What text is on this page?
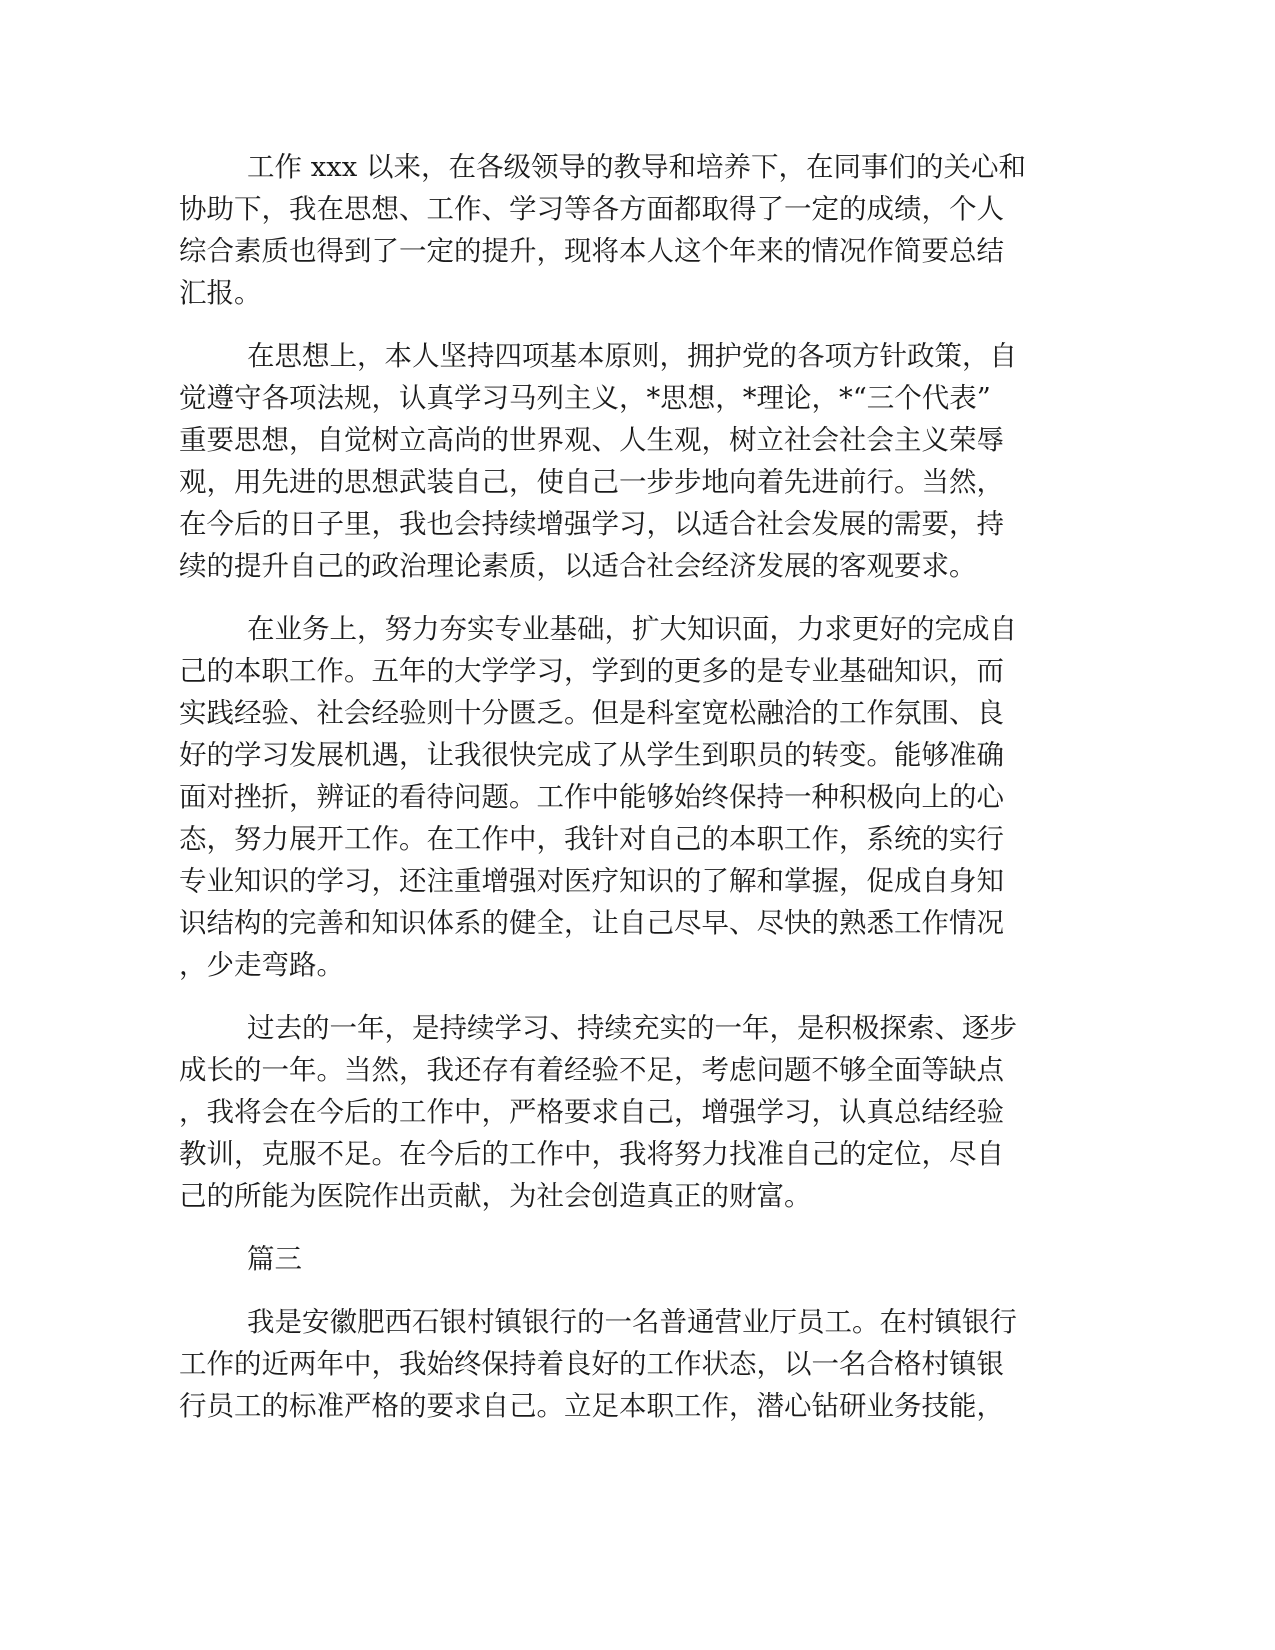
工作 xxx 以来，在各级领导的教导和培养下，在同事们的关心和
协助下，我在思想、工作、学习等各方面都取得了一定的成绩，个人
综合素质也得到了一定的提升，现将本人这个年来的情况作简要总结
汇报。
在思想上，本人坚持四项基本原则，拥护党的各项方针政策，自
觉遵守各项法规，认真学习马列主义，*思想，*理论，*“三个代表”
重要思想，自觉树立高尚的世界观、人生观，树立社会社会主义荣辱
观，用先进的思想武装自己，使自己一步步地向着先进前行。当然，
在今后的日子里，我也会持续增强学习，以适合社会发展的需要，持
续的提升自己的政治理论素质，以适合社会经济发展的客观要求。
在业务上，努力夯实专业基础，扩大知识面，力求更好的完成自
己的本职工作。五年的大学学习，学到的更多的是专业基础知识，而
实践经验、社会经验则十分匮乏。但是科室宽松融洽的工作氛围、良
好的学习发展机遇，让我很快完成了从学生到职员的转变。能够准确
面对挫折，辨证的看待问题。工作中能够始终保持一种积极向上的心
态，努力展开工作。在工作中，我针对自己的本职工作，系统的实行
专业知识的学习，还注重增强对医疗知识的了解和掌握，促成自身知
识结构的完善和知识体系的健全，让自己尽早、尽快的熟悉工作情况
，少走弯路。
过去的一年，是持续学习、持续充实的一年，是积极探索、逐步
成长的一年。当然，我还存有着经验不足，考虑问题不够全面等缺点
，我将会在今后的工作中，严格要求自己，增强学习，认真总结经验
教训，克服不足。在今后的工作中，我将努力找准自己的定位，尽自
己的所能为医院作出贡献，为社会创造真正的财富。
篇三
我是安徽肥西石银村镇银行的一名普通营业厅员工。在村镇银行
工作的近两年中，我始终保持着良好的工作状态，以一名合格村镇银
行员工的标准严格的要求自己。立足本职工作，潜心钻研业务技能，
